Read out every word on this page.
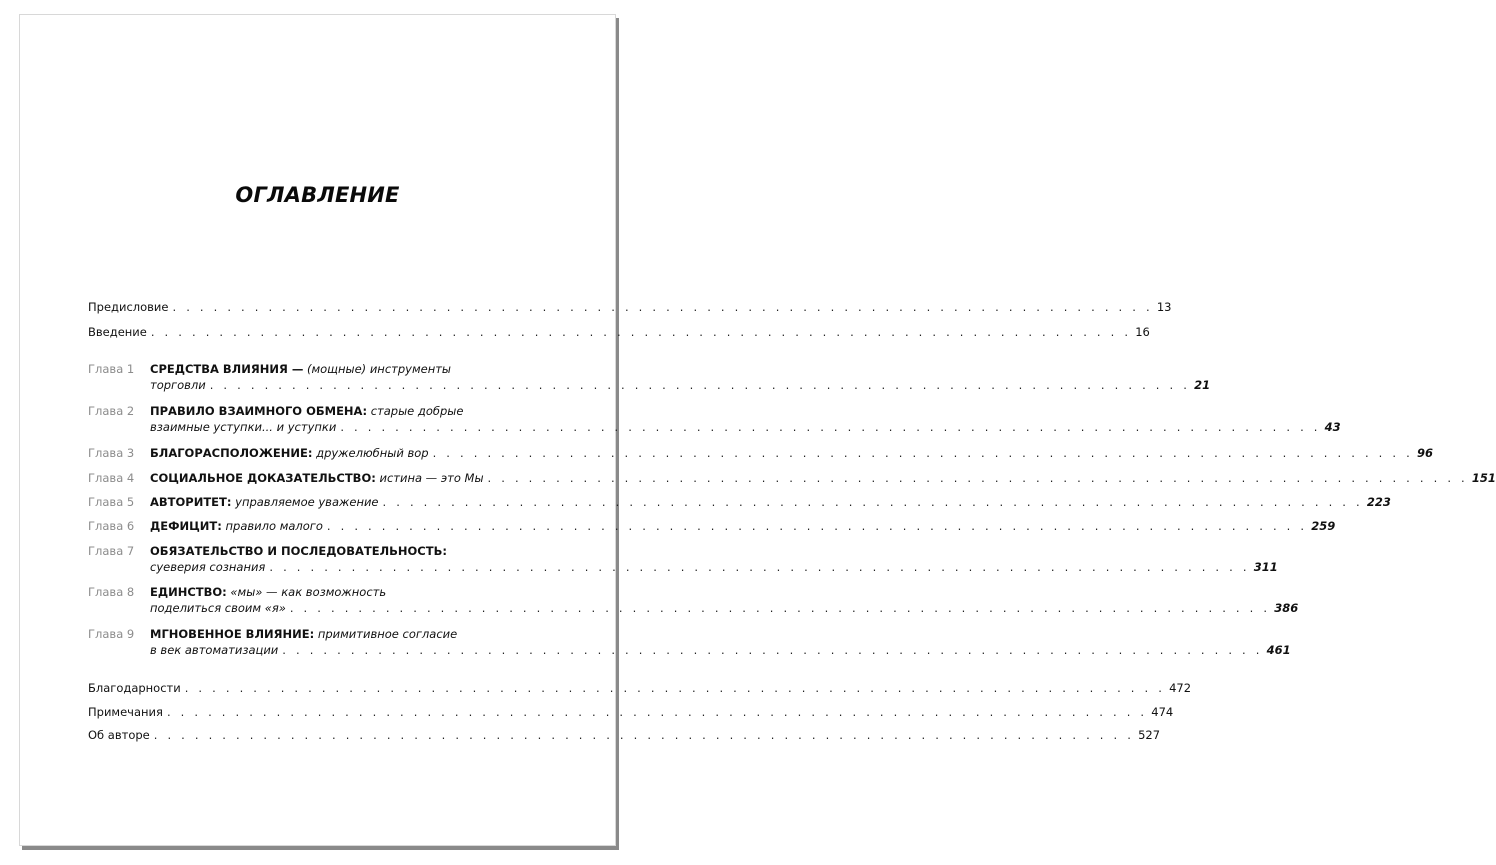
ОГЛАВЛЕНИЕ
Предисловие . . .	13
Введение . . .	16
Глава 1	СРЕДСТВА ВЛИЯНИЯ — (мощные) инструменты
торговли . . .	21
Глава 2	ПРАВИЛО ВЗАИМНОГО ОБМЕНА: старые добрые
взаимные уступки... и уступки . . .	43
Глава 3	БЛАГОРАСПОЛОЖЕНИЕ: дружелюбный вор . . .	96
Глава 4	СОЦИАЛЬНОЕ ДОКАЗАТЕЛЬСТВО: истина — это Мы . . .	151
Глава 5	АВТОРИТЕТ: управляемое уважение . . .	223
Глава 6	ДЕФИЦИТ: правило малого . . .	259
Глава 7	ОБЯЗАТЕЛЬСТВО И ПОСЛЕДОВАТЕЛЬНОСТЬ:
суеверия сознания . . .	311
Глава 8	ЕДИНСТВО: «мы» — как возможность
поделиться своим «я» . . .	386
Глава 9	МГНОВЕННОЕ ВЛИЯНИЕ: примитивное согласие
в век автоматизации . . .	461
Благодарности . . .	472
Примечания . . .	474
Об авторе . . .	527
